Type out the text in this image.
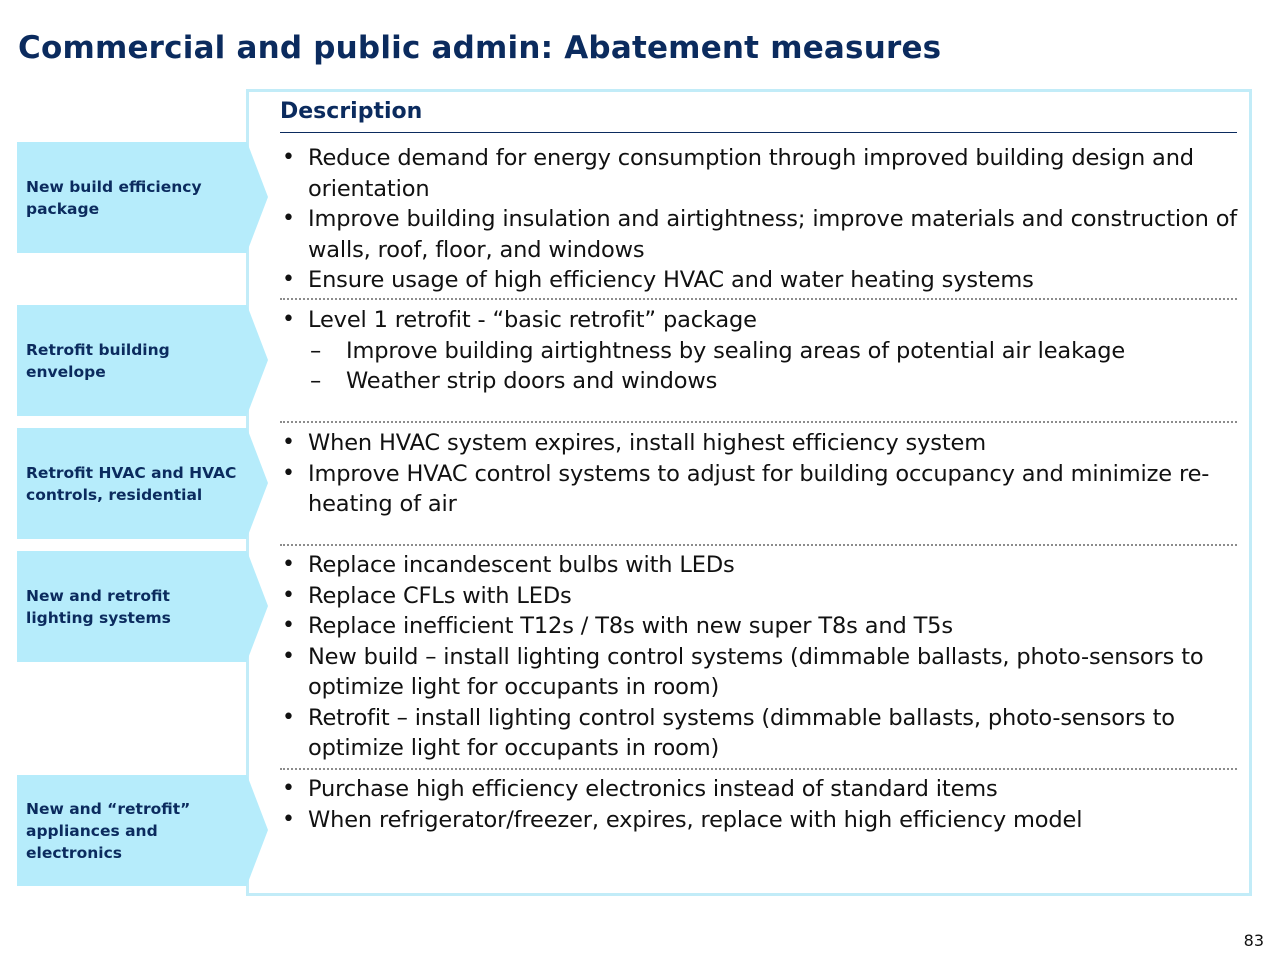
Commercial and public admin: Abatement measures
Description
New build efficiency package
Retrofit building envelope
Retrofit HVAC and HVAC controls, residential
New and retrofit lighting systems
New and “retrofit” appliances and electronics
• Reduce demand for energy consumption through improved building design and orientation
• Improve building insulation and airtightness; improve materials and construction of walls, roof, floor, and windows
• Ensure usage of high efficiency HVAC and water heating systems
• Level 1 retrofit - “basic retrofit” package
– Improve building airtightness by sealing areas of potential air leakage
– Weather strip doors and windows
• When HVAC system expires, install highest efficiency system
• Improve HVAC control systems to adjust for building occupancy and minimize re-heating of air
• Replace incandescent bulbs with LEDs
• Replace CFLs with LEDs
• Replace inefficient T12s / T8s with new super T8s and T5s
• New build – install lighting control systems (dimmable ballasts, photo-sensors to optimize light for occupants in room)
• Retrofit – install lighting control systems (dimmable ballasts, photo-sensors to optimize light for occupants in room)
• Purchase high efficiency electronics instead of standard items
• When refrigerator/freezer, expires, replace with high efficiency model
83
